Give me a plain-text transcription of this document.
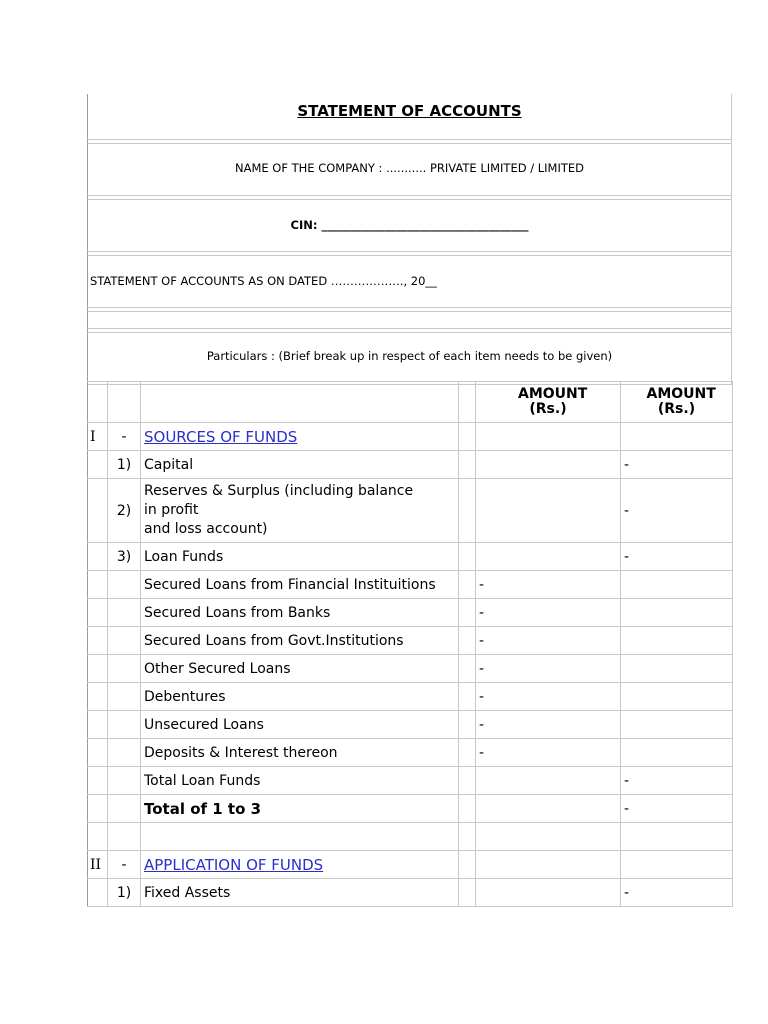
STATEMENT OF ACCOUNTS
NAME OF THE COMPANY : ........... PRIVATE LIMITED / LIMITED
CIN: ____________________________________
STATEMENT OF ACCOUNTS AS ON DATED ………………., 20__
Particulars : (Brief break up in respect of each item needs to be given)
				AMOUNT (Rs.)	AMOUNT (Rs.)
I	-	SOURCES OF FUNDS			
	1)	Capital			-
	2)	Reserves & Surplus (including balance in profit
and loss account)			-
	3)	Loan Funds			-
		Secured Loans from Financial Instituitions		-	
		Secured Loans from Banks		-	
		Secured Loans from Govt.Institutions		-	
		Other Secured Loans		-	
		Debentures		-	
		Unsecured Loans		-	
		Deposits & Interest thereon		-	
		Total Loan Funds			-
		Total of 1 to 3			-

II	-	APPLICATION OF FUNDS			
	1)	Fixed Assets			-
